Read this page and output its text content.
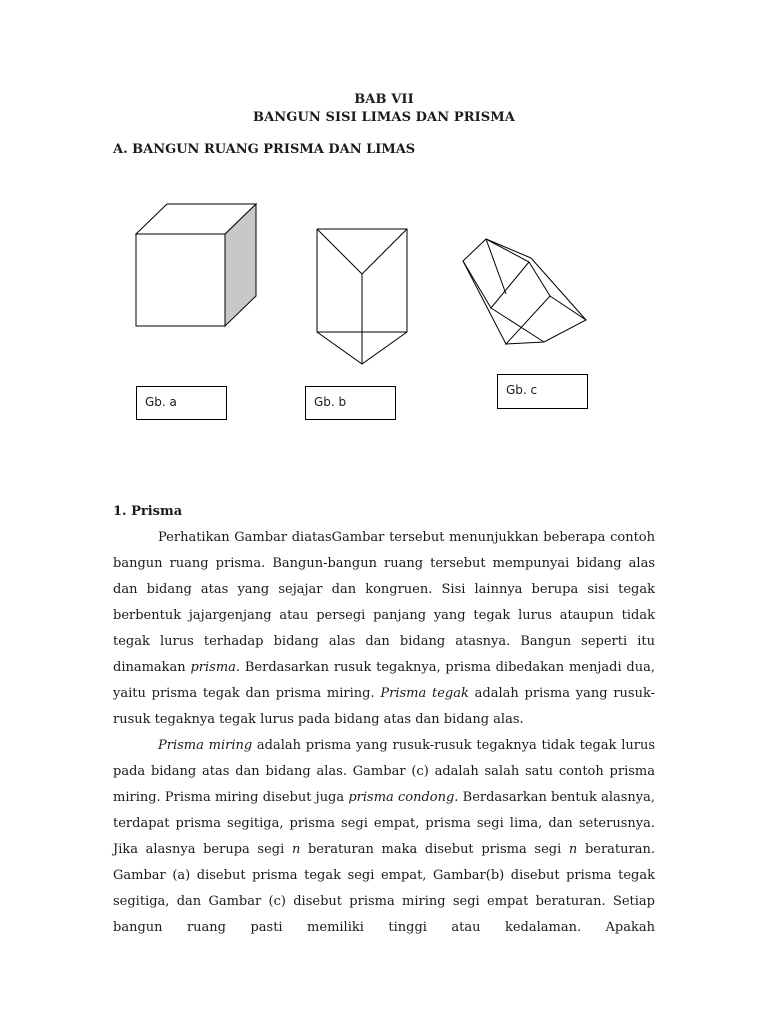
BAB VII
BANGUN SISI LIMAS DAN PRISMA
A. BANGUN RUANG PRISMA DAN LIMAS
Gb. a	Gb. b
Gb. c
1. Prisma

Perhatikan Gambar diatasGambar tersebut menunjukkan beberapa contoh bangun ruang prisma. Bangun-bangun ruang tersebut mempunyai bidang alas dan bidang atas yang sejajar dan kongruen. Sisi lainnya berupa sisi tegak berbentuk jajargenjang atau persegi panjang yang tegak lurus ataupun tidak tegak lurus terhadap bidang alas dan bidang atasnya. Bangun seperti itu dinamakan prisma. Berdasarkan rusuk tegaknya, prisma dibedakan menjadi dua, yaitu prisma tegak dan prisma miring. Prisma tegak adalah prisma yang rusuk-rusuk tegaknya tegak lurus pada bidang atas dan bidang alas.

Prisma miring adalah prisma yang rusuk-rusuk tegaknya tidak tegak lurus pada bidang atas dan bidang alas. Gambar (c) adalah salah satu contoh prisma miring. Prisma miring disebut juga prisma condong. Berdasarkan bentuk alasnya, terdapat prisma segitiga, prisma segi empat, prisma segi lima, dan seterusnya. Jika alasnya berupa segi n beraturan maka disebut prisma segi n beraturan. Gambar (a) disebut prisma tegak segi empat, Gambar(b) disebut prisma tegak segitiga, dan Gambar (c) disebut prisma miring segi empat beraturan. Setiap bangun ruang pasti memiliki tinggi atau kedalaman. Apakah
